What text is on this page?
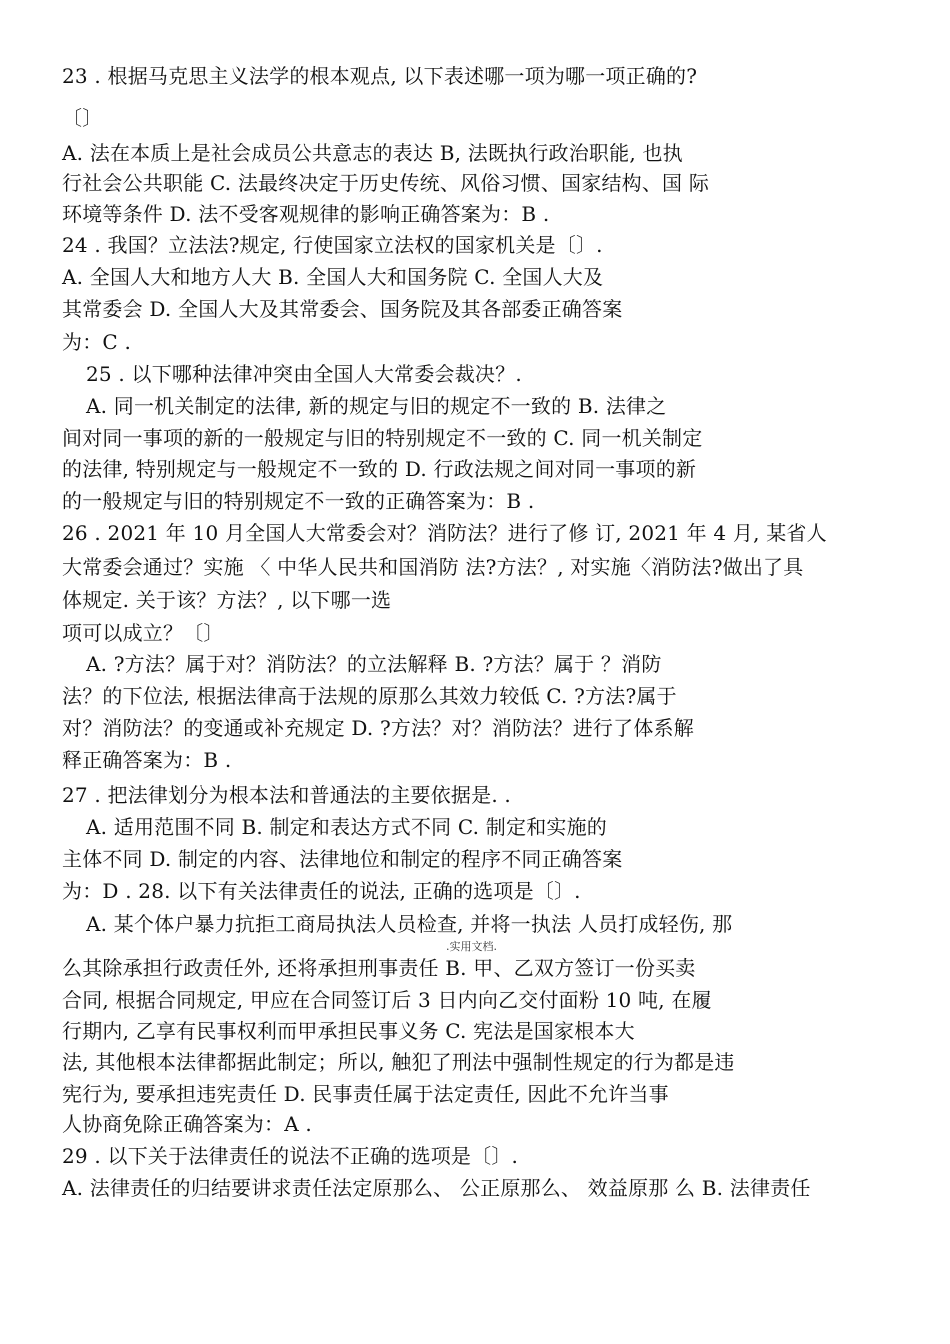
23 . 根据马克思主义法学的根本观点, 以下表述哪一项为哪一项正确的?
〔〕
A. 法在本质上是社会成员公共意志的表达 B, 法既执行政治职能, 也执
行社会公共职能 C. 法最终决定于历史传统、风俗习惯、国家结构、国 际
环境等条件 D. 法不受客观规律的影响正确答案为：B .
24 . 我国？立法法?规定, 行使国家立法权的国家机关是〔〕.
A. 全国人大和地方人大 B. 全国人大和国务院 C. 全国人大及
其常委会 D. 全国人大及其常委会、国务院及其各部委正确答案
为：C .
25 . 以下哪种法律冲突由全国人大常委会裁决？.
A. 同一机关制定的法律, 新的规定与旧的规定不一致的 B. 法律之
间对同一事项的新的一般规定与旧的特别规定不一致的 C. 同一机关制定
的法律, 特别规定与一般规定不一致的 D. 行政法规之间对同一事项的新
的一般规定与旧的特别规定不一致的正确答案为：B .
26 . 2021 年 10 月全国人大常委会对？消防法？进行了修 订, 2021 年 4 月, 某省人
大常委会通过？实施 〈 中华人民共和国消防 法?方法？, 对实施〈消防法?做出了具
体规定. 关于该？方法？, 以下哪一选
项可以成立？〔〕
A. ?方法？属于对？消防法？的立法解释 B. ?方法？属于 ？消防
法？的下位法, 根据法律高于法规的原那么其效力较低 C. ?方法?属于
对？消防法？的变通或补充规定 D. ?方法？对？消防法？进行了体系解
释正确答案为：B .
27 . 把法律划分为根本法和普通法的主要依据是. .
A. 适用范围不同 B. 制定和表达方式不同 C. 制定和实施的
主体不同 D. 制定的内容、法律地位和制定的程序不同正确答案
为：D . 28. 以下有关法律责任的说法, 正确的选项是〔〕.
A. 某个体户暴力抗拒工商局执法人员检查, 并将一执法 人员打成轻伤, 那
.实用文档.
么其除承担行政责任外, 还将承担刑事责任 B. 甲、乙双方签订一份买卖
合同, 根据合同规定, 甲应在合同签订后 3 日内向乙交付面粉 10 吨, 在履
行期内, 乙享有民事权利而甲承担民事义务 C. 宪法是国家根本大
法, 其他根本法律都据此制定；所以, 触犯了刑法中强制性规定的行为都是违
宪行为, 要承担违宪责任 D. 民事责任属于法定责任, 因此不允许当事
人协商免除正确答案为：A .
29 . 以下关于法律责任的说法不正确的选项是〔〕.
A. 法律责任的归结要讲求责任法定原那么、 公正原那么、 效益原那 么 B. 法律责任
